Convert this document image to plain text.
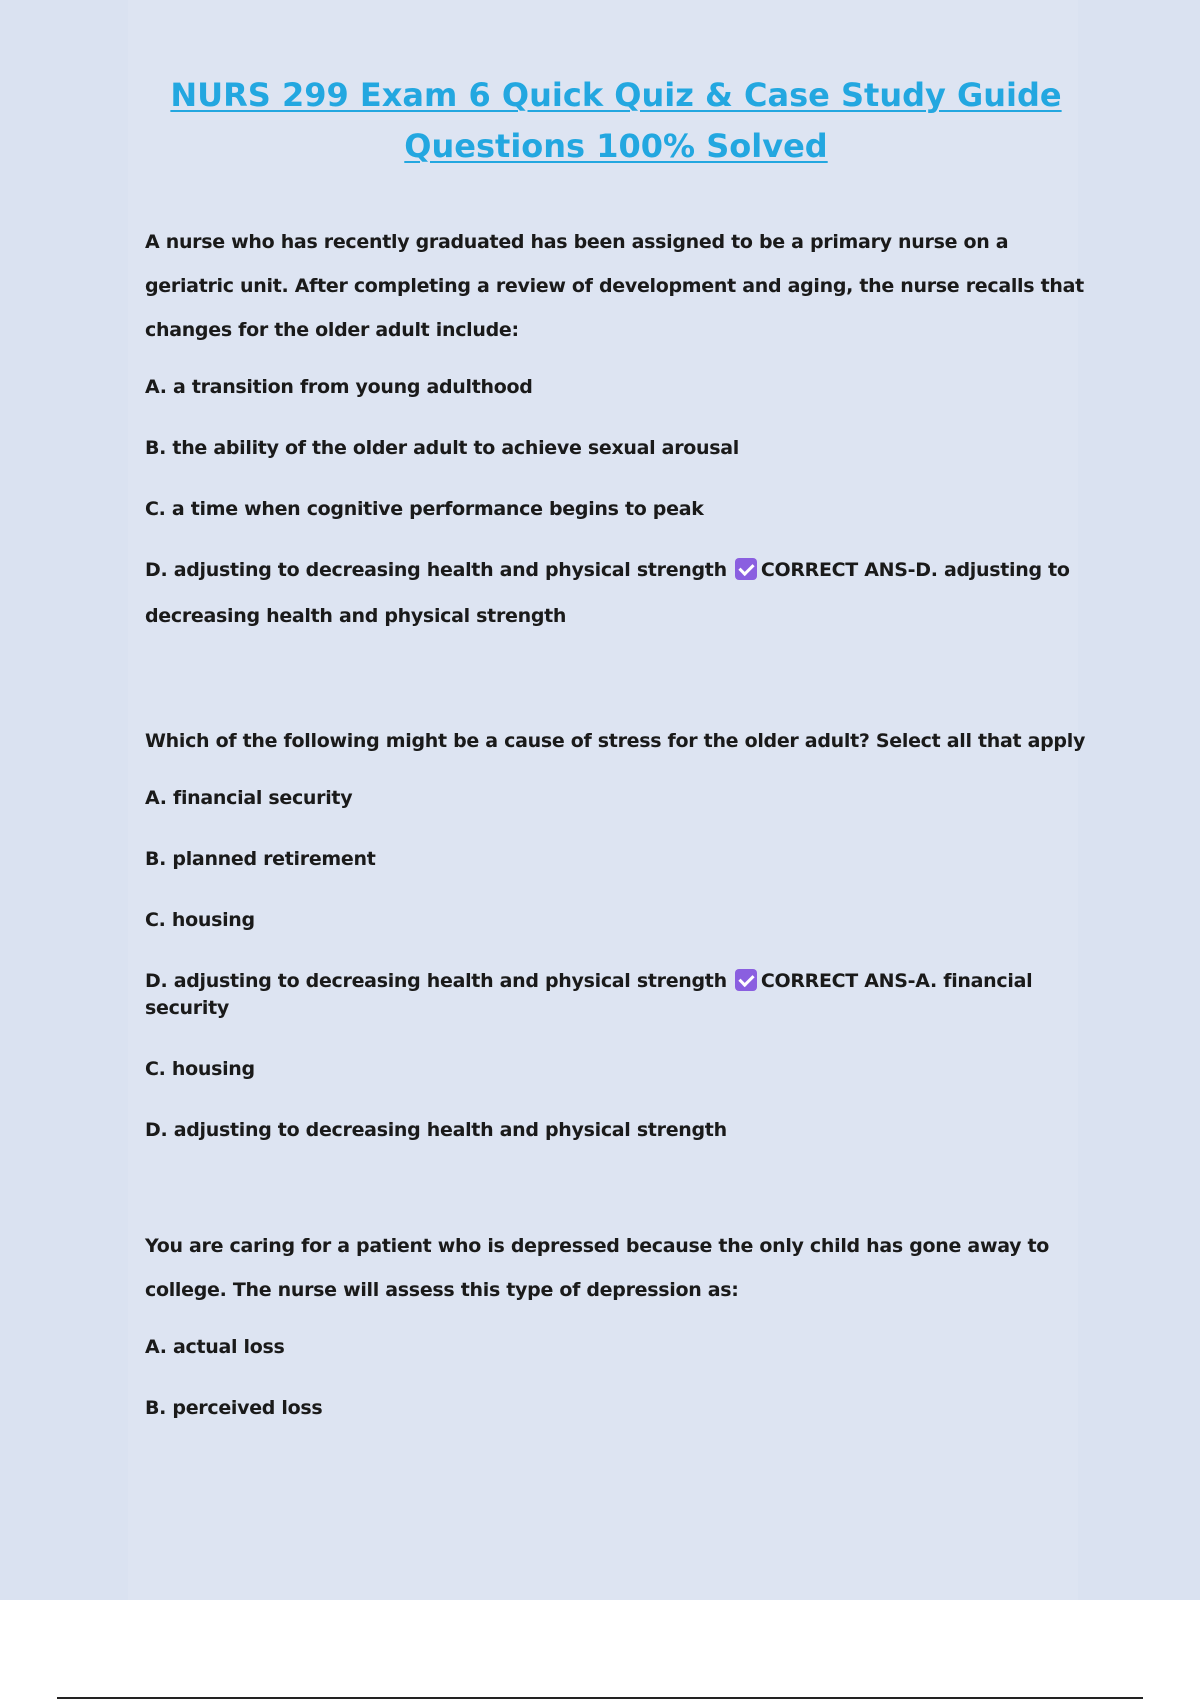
NURS 299 Exam 6 Quick Quiz & Case Study Guide
Questions 100% Solved

A nurse who has recently graduated has been assigned to be a primary nurse on a geriatric unit. After completing a review of development and aging, the nurse recalls that changes for the older adult include:

A. a transition from young adulthood

B. the ability of the older adult to achieve sexual arousal

C. a time when cognitive performance begins to peak

D. adjusting to decreasing health and physical strength CORRECT ANS-D. adjusting to decreasing health and physical strength

Which of the following might be a cause of stress for the older adult? Select all that apply

A. financial security

B. planned retirement

C. housing

D. adjusting to decreasing health and physical strength CORRECT ANS-A. financial security

C. housing

D. adjusting to decreasing health and physical strength

You are caring for a patient who is depressed because the only child has gone away to college. The nurse will assess this type of depression as:

A. actual loss

B. perceived loss
